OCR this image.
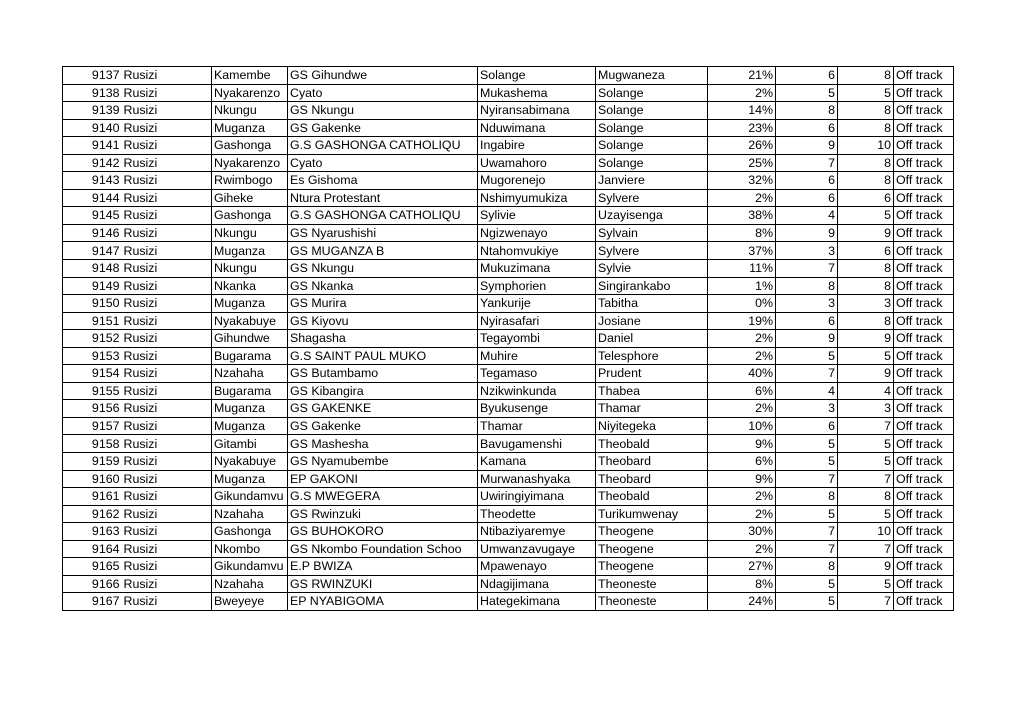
9137	Rusizi	Kamembe	GS Gihundwe	Solange	Mugwaneza	21%	6	8	Off track
9138	Rusizi	Nyakarenzo	Cyato	Mukashema	Solange	2%	5	5	Off track
9139	Rusizi	Nkungu	GS Nkungu	Nyiransabimana	Solange	14%	8	8	Off track
9140	Rusizi	Muganza	GS Gakenke	Nduwimana	Solange	23%	6	8	Off track
9141	Rusizi	Gashonga	G.S GASHONGA CATHOLIQU	Ingabire	Solange	26%	9	10	Off track
9142	Rusizi	Nyakarenzo	Cyato	Uwamahoro	Solange	25%	7	8	Off track
9143	Rusizi	Rwimbogo	Es Gishoma	Mugorenejo	Janviere	32%	6	8	Off track
9144	Rusizi	Giheke	Ntura Protestant	Nshimyumukiza	Sylvere	2%	6	6	Off track
9145	Rusizi	Gashonga	G.S GASHONGA CATHOLIQU	Sylivie	Uzayisenga	38%	4	5	Off track
9146	Rusizi	Nkungu	GS Nyarushishi	Ngizwenayo	Sylvain	8%	9	9	Off track
9147	Rusizi	Muganza	GS MUGANZA B	Ntahomvukiye	Sylvere	37%	3	6	Off track
9148	Rusizi	Nkungu	GS Nkungu	Mukuzimana	Sylvie	11%	7	8	Off track
9149	Rusizi	Nkanka	GS Nkanka	Symphorien	Singirankabo	1%	8	8	Off track
9150	Rusizi	Muganza	GS Murira	Yankurije	Tabitha	0%	3	3	Off track
9151	Rusizi	Nyakabuye	GS Kiyovu	Nyirasafari	Josiane	19%	6	8	Off track
9152	Rusizi	Gihundwe	Shagasha	Tegayombi	Daniel	2%	9	9	Off track
9153	Rusizi	Bugarama	G.S SAINT PAUL MUKO	Muhire	Telesphore	2%	5	5	Off track
9154	Rusizi	Nzahaha	GS Butambamo	Tegamaso	Prudent	40%	7	9	Off track
9155	Rusizi	Bugarama	GS Kibangira	Nzikwinkunda	Thabea	6%	4	4	Off track
9156	Rusizi	Muganza	GS GAKENKE	Byukusenge	Thamar	2%	3	3	Off track
9157	Rusizi	Muganza	GS Gakenke	Thamar	Niyitegeka	10%	6	7	Off track
9158	Rusizi	Gitambi	GS Mashesha	Bavugamenshi	Theobald	9%	5	5	Off track
9159	Rusizi	Nyakabuye	GS Nyamubembe	Kamana	Theobard	6%	5	5	Off track
9160	Rusizi	Muganza	EP GAKONI	Murwanashyaka	Theobard	9%	7	7	Off track
9161	Rusizi	Gikundamvu	G.S MWEGERA	Uwiringiyimana	Theobald	2%	8	8	Off track
9162	Rusizi	Nzahaha	GS Rwinzuki	Theodette	Turikumwenay	2%	5	5	Off track
9163	Rusizi	Gashonga	GS BUHOKORO	Ntibaziyaremye	Theogene	30%	7	10	Off track
9164	Rusizi	Nkombo	GS Nkombo Foundation Schoo	Umwanzavugaye	Theogene	2%	7	7	Off track
9165	Rusizi	Gikundamvu	E.P BWIZA	Mpawenayo	Theogene	27%	8	9	Off track
9166	Rusizi	Nzahaha	GS RWINZUKI	Ndagijimana	Theoneste	8%	5	5	Off track
9167	Rusizi	Bweyeye	EP NYABIGOMA	Hategekimana	Theoneste	24%	5	7	Off track
